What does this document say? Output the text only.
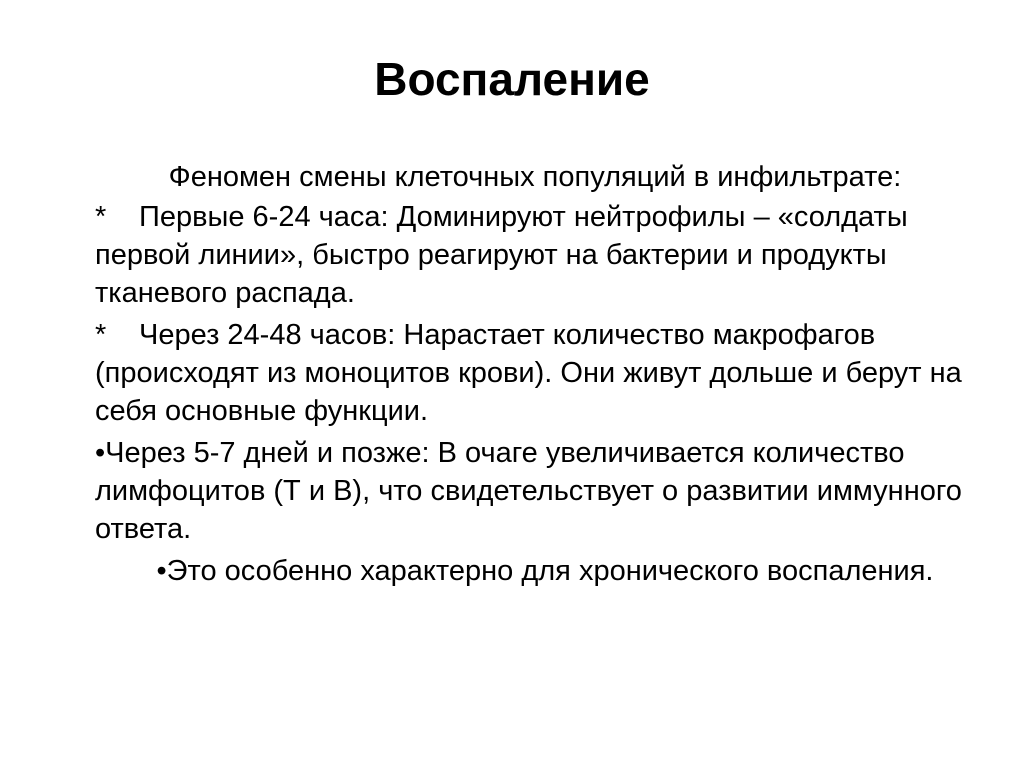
Воспаление
Феномен смены клеточных популяций в инфильтрате:
* Первые 6-24 часа: Доминируют нейтрофилы – «солдаты первой линии», быстро реагируют на бактерии и продукты тканевого распада.
* Через 24-48 часов: Нарастает количество макрофагов (происходят из моноцитов крови). Они живут дольше и берут на себя основные функции.
•Через 5-7 дней и позже: В очаге увеличивается количество лимфоцитов (Т и В), что свидетельствует о развитии иммунного ответа.
•Это особенно характерно для хронического воспаления.
